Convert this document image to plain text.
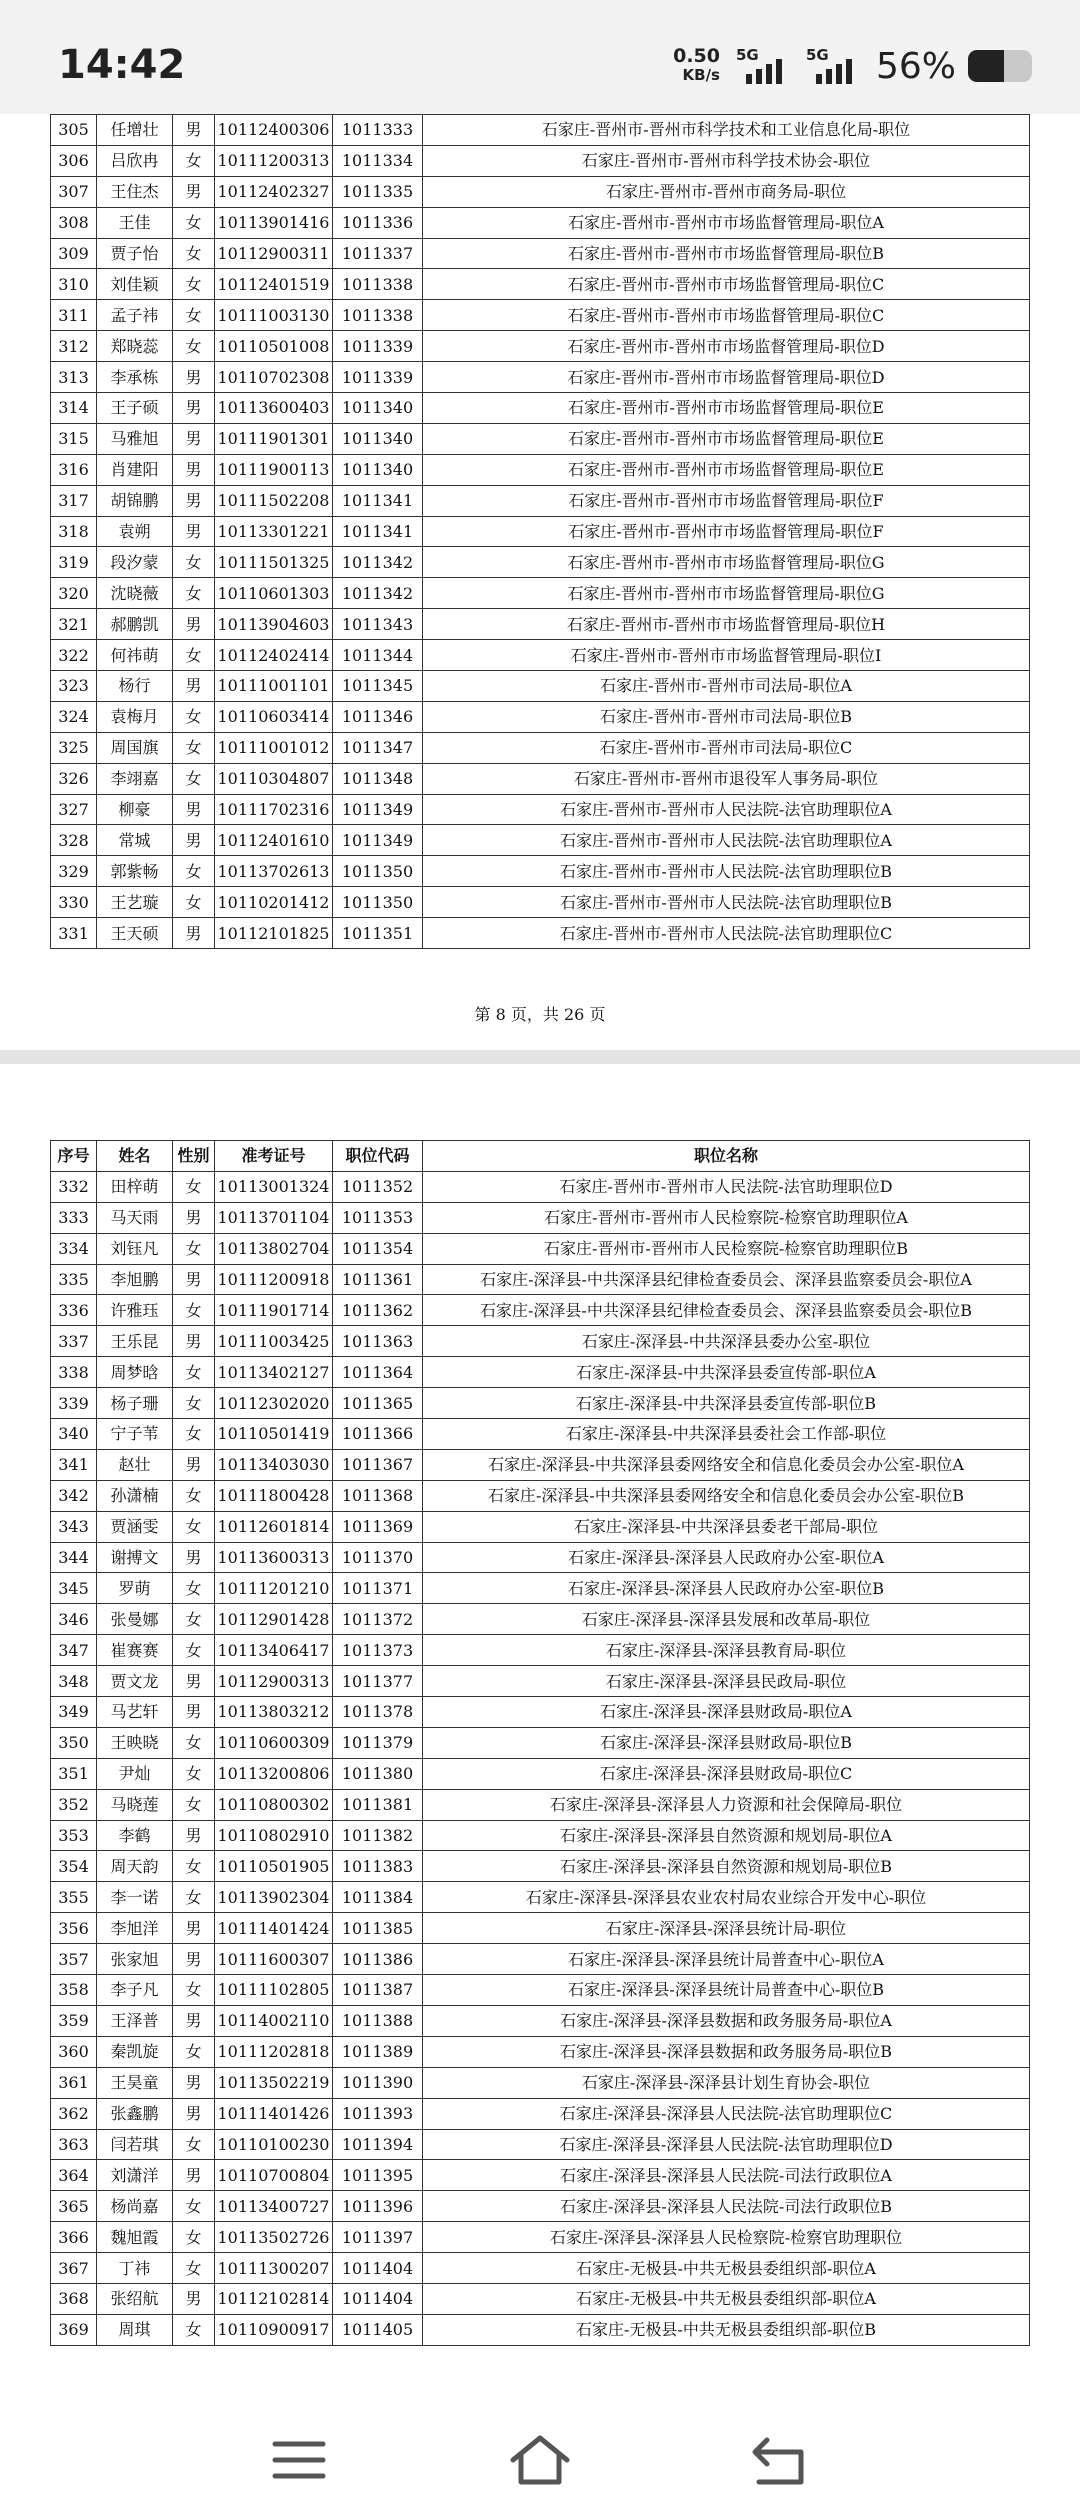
14:42	0.50
KB/s
5G	5G 56%
305	任增壮	男	10112400306	1011333	石家庄-晋州市-晋州市科学技术和工业信息化局-职位
306	吕欣冉	女	10111200313	1011334	石家庄-晋州市-晋州市科学技术协会-职位
307	王住杰	男	10112402327	1011335	石家庄-晋州市-晋州市商务局-职位
308	王佳	女	10113901416	1011336	石家庄-晋州市-晋州市市场监督管理局-职位A
309	贾子怡	女	10112900311	1011337	石家庄-晋州市-晋州市市场监督管理局-职位B
310	刘佳颖	女	10112401519	1011338	石家庄-晋州市-晋州市市场监督管理局-职位C
311	孟子祎	女	10111003130	1011338	石家庄-晋州市-晋州市市场监督管理局-职位C
312	郑晓蕊	女	10110501008	1011339	石家庄-晋州市-晋州市市场监督管理局-职位D
313	李承栋	男	10110702308	1011339	石家庄-晋州市-晋州市市场监督管理局-职位D
314	王子硕	男	10113600403	1011340	石家庄-晋州市-晋州市市场监督管理局-职位E
315	马雅旭	男	10111901301	1011340	石家庄-晋州市-晋州市市场监督管理局-职位E
316	肖建阳	男	10111900113	1011340	石家庄-晋州市-晋州市市场监督管理局-职位E
317	胡锦鹏	男	10111502208	1011341	石家庄-晋州市-晋州市市场监督管理局-职位F
318	袁朔	男	10113301221	1011341	石家庄-晋州市-晋州市市场监督管理局-职位F
319	段汐蒙	女	10111501325	1011342	石家庄-晋州市-晋州市市场监督管理局-职位G
320	沈晓薇	女	10110601303	1011342	石家庄-晋州市-晋州市市场监督管理局-职位G
321	郝鹏凯	男	10113904603	1011343	石家庄-晋州市-晋州市市场监督管理局-职位H
322	何祎萌	女	10112402414	1011344	石家庄-晋州市-晋州市市场监督管理局-职位I
323	杨行	男	10111001101	1011345	石家庄-晋州市-晋州市司法局-职位A
324	袁梅月	女	10110603414	1011346	石家庄-晋州市-晋州市司法局-职位B
325	周国旗	女	10111001012	1011347	石家庄-晋州市-晋州市司法局-职位C
326	李翊嘉	女	10110304807	1011348	石家庄-晋州市-晋州市退役军人事务局-职位
327	柳豪	男	10111702316	1011349	石家庄-晋州市-晋州市人民法院-法官助理职位A
328	常城	男	10112401610	1011349	石家庄-晋州市-晋州市人民法院-法官助理职位A
329	郭紫畅	女	10113702613	1011350	石家庄-晋州市-晋州市人民法院-法官助理职位B
330	王艺璇	女	10110201412	1011350	石家庄-晋州市-晋州市人民法院-法官助理职位B
331	王天硕	男	10112101825	1011351	石家庄-晋州市-晋州市人民法院-法官助理职位C
第 8 页，共 26 页
序号	姓名	性别	准考证号	职位代码	职位名称
332	田梓萌	女	10113001324	1011352	石家庄-晋州市-晋州市人民法院-法官助理职位D
333	马天雨	男	10113701104	1011353	石家庄-晋州市-晋州市人民检察院-检察官助理职位A
334	刘钰凡	女	10113802704	1011354	石家庄-晋州市-晋州市人民检察院-检察官助理职位B
335	李旭鹏	男	10111200918	1011361	石家庄-深泽县-中共深泽县纪律检查委员会、深泽县监察委员会-职位A
336	许雅珏	女	10111901714	1011362	石家庄-深泽县-中共深泽县纪律检查委员会、深泽县监察委员会-职位B
337	王乐昆	男	10111003425	1011363	石家庄-深泽县-中共深泽县委办公室-职位
338	周梦晗	女	10113402127	1011364	石家庄-深泽县-中共深泽县委宣传部-职位A
339	杨子珊	女	10112302020	1011365	石家庄-深泽县-中共深泽县委宣传部-职位B
340	宁子苇	女	10110501419	1011366	石家庄-深泽县-中共深泽县委社会工作部-职位
341	赵壮	男	10113403030	1011367	石家庄-深泽县-中共深泽县委网络安全和信息化委员会办公室-职位A
342	孙潇楠	女	10111800428	1011368	石家庄-深泽县-中共深泽县委网络安全和信息化委员会办公室-职位B
343	贾涵雯	女	10112601814	1011369	石家庄-深泽县-中共深泽县委老干部局-职位
344	谢搏文	男	10113600313	1011370	石家庄-深泽县-深泽县人民政府办公室-职位A
345	罗萌	女	10111201210	1011371	石家庄-深泽县-深泽县人民政府办公室-职位B
346	张曼娜	女	10112901428	1011372	石家庄-深泽县-深泽县发展和改革局-职位
347	崔赛赛	女	10113406417	1011373	石家庄-深泽县-深泽县教育局-职位
348	贾文龙	男	10112900313	1011377	石家庄-深泽县-深泽县民政局-职位
349	马艺轩	男	10113803212	1011378	石家庄-深泽县-深泽县财政局-职位A
350	王映晓	女	10110600309	1011379	石家庄-深泽县-深泽县财政局-职位B
351	尹灿	女	10113200806	1011380	石家庄-深泽县-深泽县财政局-职位C
352	马晓莲	女	10110800302	1011381	石家庄-深泽县-深泽县人力资源和社会保障局-职位
353	李鹤	男	10110802910	1011382	石家庄-深泽县-深泽县自然资源和规划局-职位A
354	周天韵	女	10110501905	1011383	石家庄-深泽县-深泽县自然资源和规划局-职位B
355	李一诺	女	10113902304	1011384	石家庄-深泽县-深泽县农业农村局农业综合开发中心-职位
356	李旭洋	男	10111401424	1011385	石家庄-深泽县-深泽县统计局-职位
357	张家旭	男	10111600307	1011386	石家庄-深泽县-深泽县统计局普查中心-职位A
358	李子凡	女	10111102805	1011387	石家庄-深泽县-深泽县统计局普查中心-职位B
359	王泽普	男	10114002110	1011388	石家庄-深泽县-深泽县数据和政务服务局-职位A
360	秦凯旋	女	10111202818	1011389	石家庄-深泽县-深泽县数据和政务服务局-职位B
361	王昊童	男	10113502219	1011390	石家庄-深泽县-深泽县计划生育协会-职位
362	张鑫鹏	男	10111401426	1011393	石家庄-深泽县-深泽县人民法院-法官助理职位C
363	闫若琪	女	10110100230	1011394	石家庄-深泽县-深泽县人民法院-法官助理职位D
364	刘潇洋	男	10110700804	1011395	石家庄-深泽县-深泽县人民法院-司法行政职位A
365	杨尚嘉	女	10113400727	1011396	石家庄-深泽县-深泽县人民法院-司法行政职位B
366	魏旭霞	女	10113502726	1011397	石家庄-深泽县-深泽县人民检察院-检察官助理职位
367	丁祎	女	10111300207	1011404	石家庄-无极县-中共无极县委组织部-职位A
368	张绍航	男	10112102814	1011404	石家庄-无极县-中共无极县委组织部-职位A
369	周琪	女	10110900917	1011405	石家庄-无极县-中共无极县委组织部-职位B
